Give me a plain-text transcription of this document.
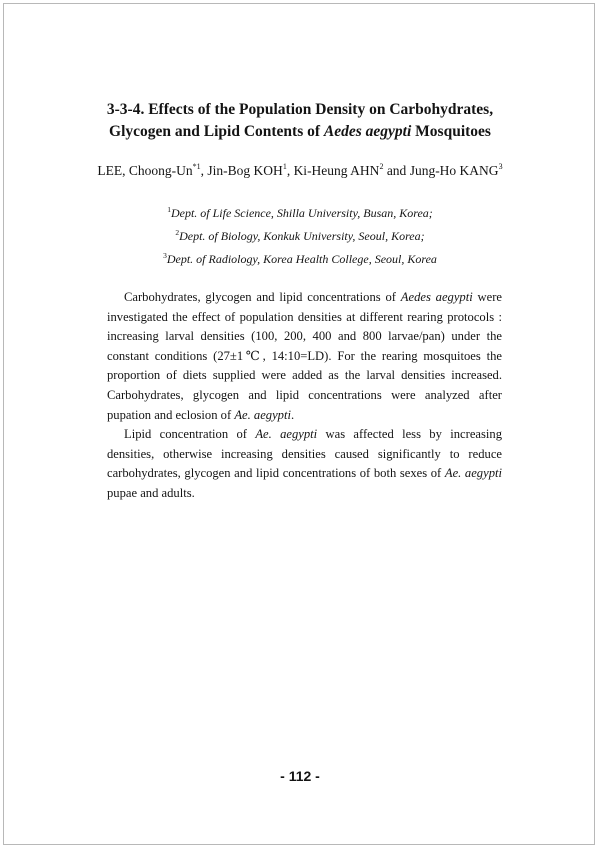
3-3-4. Effects of the Population Density on Carbohydrates,
Glycogen and Lipid Contents of Aedes aegypti Mosquitoes
LEE, Choong-Un$^{*1}$, Jin-Bog KOH$^1$, Ki-Heung AHN$^2$ and Jung-Ho KANG$^3$
$^1$Dept. of Life Science, Shilla University, Busan, Korea;
$^2$Dept. of Biology, Konkuk University, Seoul, Korea;
$^3$Dept. of Radiology, Korea Health College, Seoul, Korea

Carbohydrates, glycogen and lipid concentrations of Aedes aegypti were investigated the effect of population densities at different rearing protocols : increasing larval densities (100, 200, 400 and 800 larvae/pan) under the constant conditions (27±1℃, 14:10=LD). For the rearing mosquitoes the proportion of diets supplied were added as the larval densities increased. Carbohydrates, glycogen and lipid concentrations were analyzed after pupation and eclosion of Ae. aegypti.

Lipid concentration of Ae. aegypti was affected less by increasing densities, otherwise increasing densities caused significantly to reduce carbohydrates, glycogen and lipid concentrations of both sexes of Ae. aegypti pupae and adults.

- 112 -
